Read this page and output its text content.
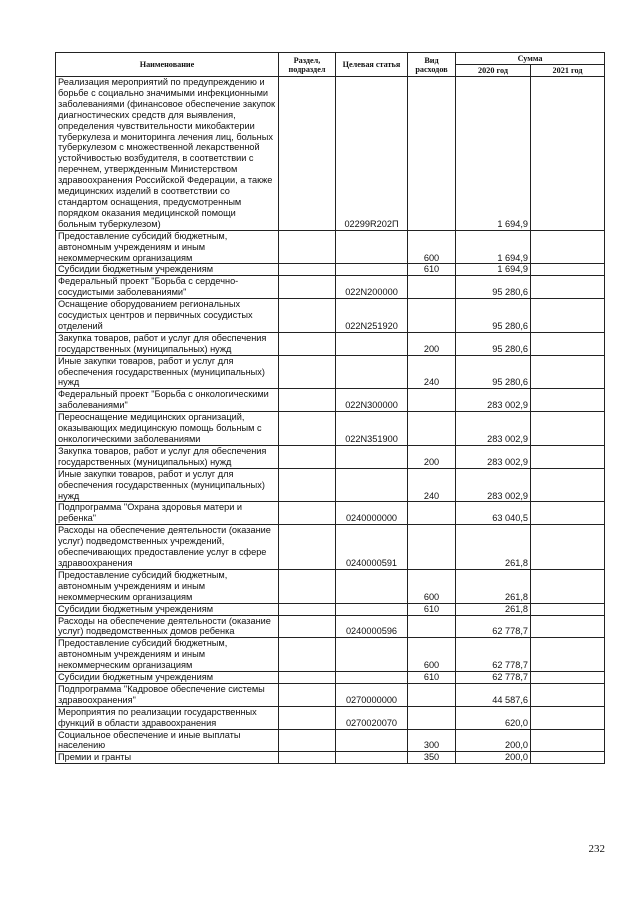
Наименование	Раздел, подраздел	Целевая статья	Вид расходов	Сумма	
				2020 год	2021 год
Реализация мероприятий по предупреждению и борьбе с социально значимыми инфекционными заболеваниями (финансовое обеспечение закупок диагностических средств для выявления, определения чувствительности микобактерии туберкулеза и мониторинга лечения лиц, больных туберкулезом с множественной лекарственной устойчивостью возбудителя, в соответствии с перечнем, утвержденным Министерством здравоохранения Российской Федерации, а также медицинских изделий в соответствии со стандартом оснащения, предусмотренным порядком оказания медицинской помощи больным туберкулезом)		02299R202П		1 694,9	
Предоставление субсидий бюджетным, автономным учреждениям и иным некоммерческим организациям			600	1 694,9	
Субсидии бюджетным учреждениям			610	1 694,9	
Федеральный проект "Борьба с сердечно-сосудистыми заболеваниями"		022N200000		95 280,6	
Оснащение оборудованием региональных сосудистых центров и первичных сосудистых отделений		022N251920		95 280,6	
Закупка товаров, работ и услуг для обеспечения государственных (муниципальных) нужд			200	95 280,6	
Иные закупки товаров, работ и услуг для обеспечения государственных (муниципальных) нужд			240	95 280,6	
Федеральный проект "Борьба с онкологическими заболеваниями"		022N300000		283 002,9	
Переоснащение медицинских организаций, оказывающих медицинскую помощь больным с онкологическими заболеваниями		022N351900		283 002,9	
Закупка товаров, работ и услуг для обеспечения государственных (муниципальных) нужд			200	283 002,9	
Иные закупки товаров, работ и услуг для обеспечения государственных (муниципальных) нужд			240	283 002,9	
Подпрограмма "Охрана здоровья матери и ребенка"		0240000000		63 040,5	
Расходы на обеспечение деятельности (оказание услуг) подведомственных учреждений, обеспечивающих предоставление услуг в сфере здравоохранения		0240000591		261,8	
Предоставление субсидий бюджетным, автономным учреждениям и иным некоммерческим организациям			600	261,8	
Субсидии бюджетным учреждениям			610	261,8	
Расходы на обеспечение деятельности (оказание услуг) подведомственных домов ребенка		0240000596		62 778,7	
Предоставление субсидий бюджетным, автономным учреждениям и иным некоммерческим организациям			600	62 778,7	
Субсидии бюджетным учреждениям			610	62 778,7	
Подпрограмма "Кадровое обеспечение системы здравоохранения"		0270000000		44 587,6	
Мероприятия по реализации государственных функций в области здравоохранения		0270020070		620,0	
Социальное обеспечение и иные выплаты населению			300	200,0	
Премии и гранты			350	200,0	
232
